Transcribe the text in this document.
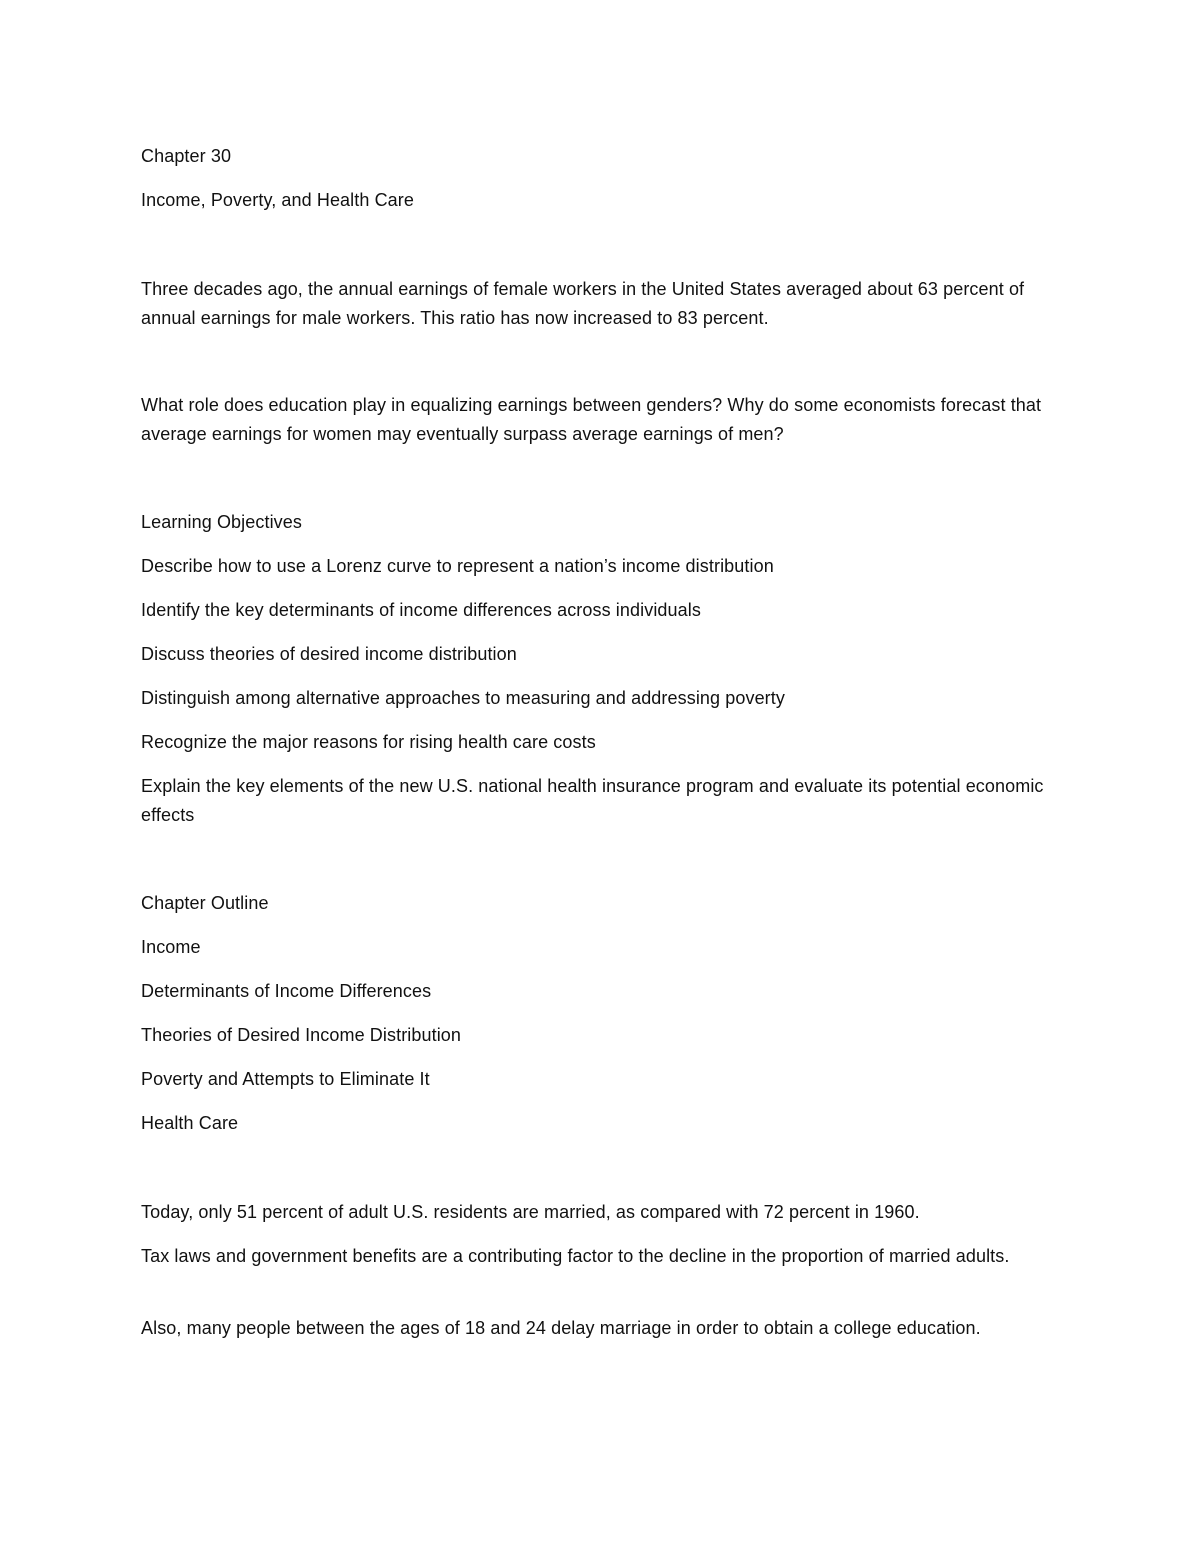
Chapter 30

Income, Poverty, and Health Care

Three decades ago, the annual earnings of female workers in the United States averaged about 63 percent of annual earnings for male workers. This ratio has now increased to 83 percent.

What role does education play in equalizing earnings between genders? Why do some economists forecast that average earnings for women may eventually surpass average earnings of men?

Learning Objectives

Describe how to use a Lorenz curve to represent a nation’s income distribution

Identify the key determinants of income differences across individuals

Discuss theories of desired income distribution

Distinguish among alternative approaches to measuring and addressing poverty

Recognize the major reasons for rising health care costs

Explain the key elements of the new U.S. national health insurance program and evaluate its potential economic effects

Chapter Outline

Income

Determinants of Income Differences

Theories of Desired Income Distribution

Poverty and Attempts to Eliminate It

Health Care

Today, only 51 percent of adult U.S. residents are married, as compared with 72 percent in 1960.

Tax laws and government benefits are a contributing factor to the decline in the proportion of married adults.

Also, many people between the ages of 18 and 24 delay marriage in order to obtain a college education.
